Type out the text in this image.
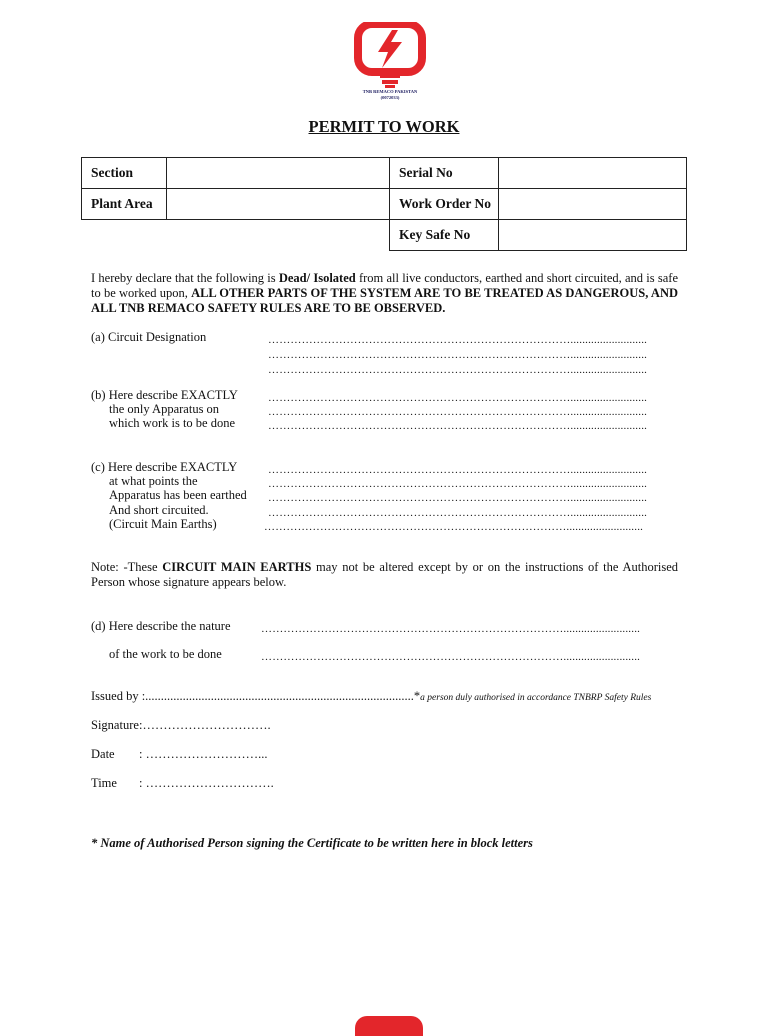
TNB REMACO PAKISTAN
(0072033)
PERMIT TO WORK
Section		Serial No	
Plant Area		Work Order No	
		Key Safe No	
I hereby declare that the following is Dead/ Isolated from all live conductors, earthed and short circuited, and is safe to be worked upon, ALL OTHER PARTS OF THE SYSTEM ARE TO BE TREATED AS DANGEROUS, AND ALL TNB REMACO SAFETY RULES ARE TO BE OBSERVED.
(a) Circuit Designation	………………………………………………………………………..........................
………………………………………………………………………..........................
………………………………………………………………………..........................
(b) Here describe EXACTLY
the only Apparatus on
which work is to be done
………………………………………………………………………..........................
………………………………………………………………………..........................
………………………………………………………………………..........................
(c) Here describe EXACTLY
at what points the
Apparatus has been earthed
And short circuited.
(Circuit Main Earths)
………………………………………………………………………..........................
………………………………………………………………………..........................
………………………………………………………………………..........................
………………………………………………………………………..........................
………………………………………………………………………..........................
Note: -These CIRCUIT MAIN EARTHS may not be altered except by or on the instructions of the Authorised Person whose signature appears below.
(d) Here describe the nature
of the work to be done
………………………………………………………………………..........................
………………………………………………………………………..........................
Issued by :......................................................................................*a person duly authorised in accordance TNBRP Safety Rules
Signature:………………………….
Date : ………………………...
Time : ………………………….
* Name of Authorised Person signing the Certificate to be written here in block letters
